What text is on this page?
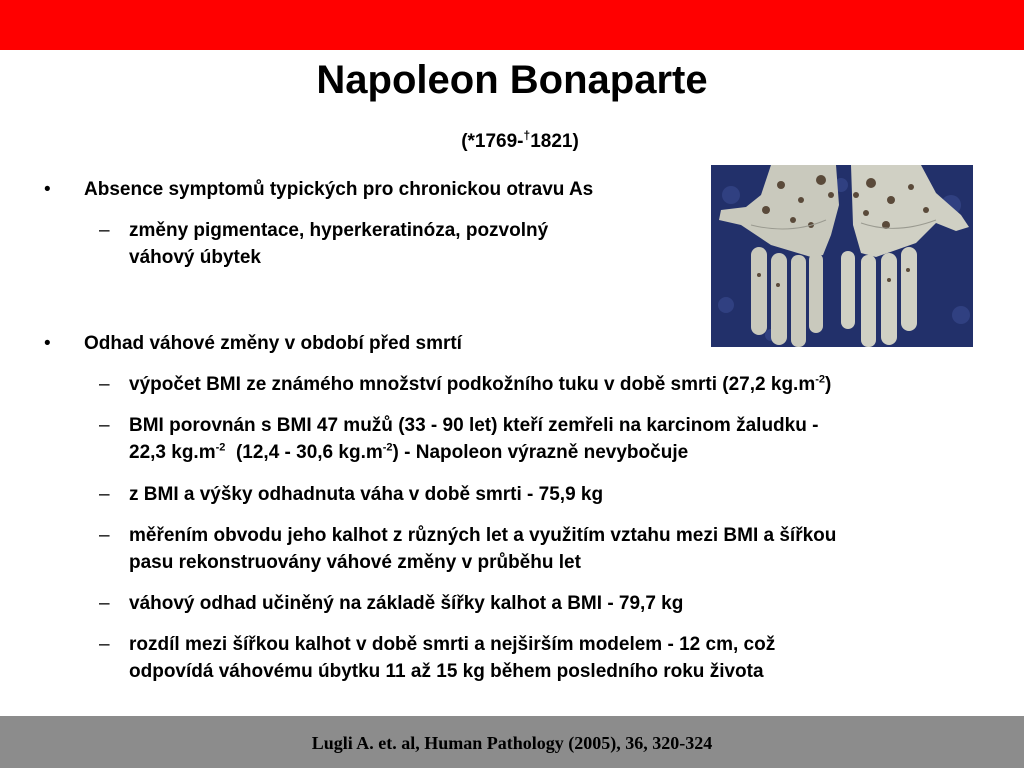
Napoleon Bonaparte
(*1769-†1821)
• Absence symptomů typických pro chronickou otravu As
– změny pigmentace, hyperkeratinóza, pozvolný
váhový úbytek
• Odhad váhové změny v období před smrtí
– výpočet BMI ze známého množství podkožního tuku v době smrti (27,2 $kg.m^{-2}$)
– BMI porovnán s BMI 47 mužů (33 - 90 let) kteří zemřeli na karcinom žaludku -
22,3 $kg.m^{-2}$  (12,4 - 30,6 $kg.m^{-2}$) - Napoleon výrazně nevybočuje
– z BMI a výšky odhadnuta váha v době smrti - 75,9 kg
– měřením obvodu jeho kalhot z různých let a využitím vztahu mezi BMI a šířkou
pasu rekonstruovány váhové změny v průběhu let
– váhový odhad učiněný na základě šířky kalhot a BMI - 79,7 kg
– rozdíl mezi šířkou kalhot v době smrti a nejširším modelem - 12 cm, což
odpovídá váhovému úbytku 11 až 15 kg během posledního roku života
Lugli A. et. al, Human Pathology (2005), 36, 320-324
